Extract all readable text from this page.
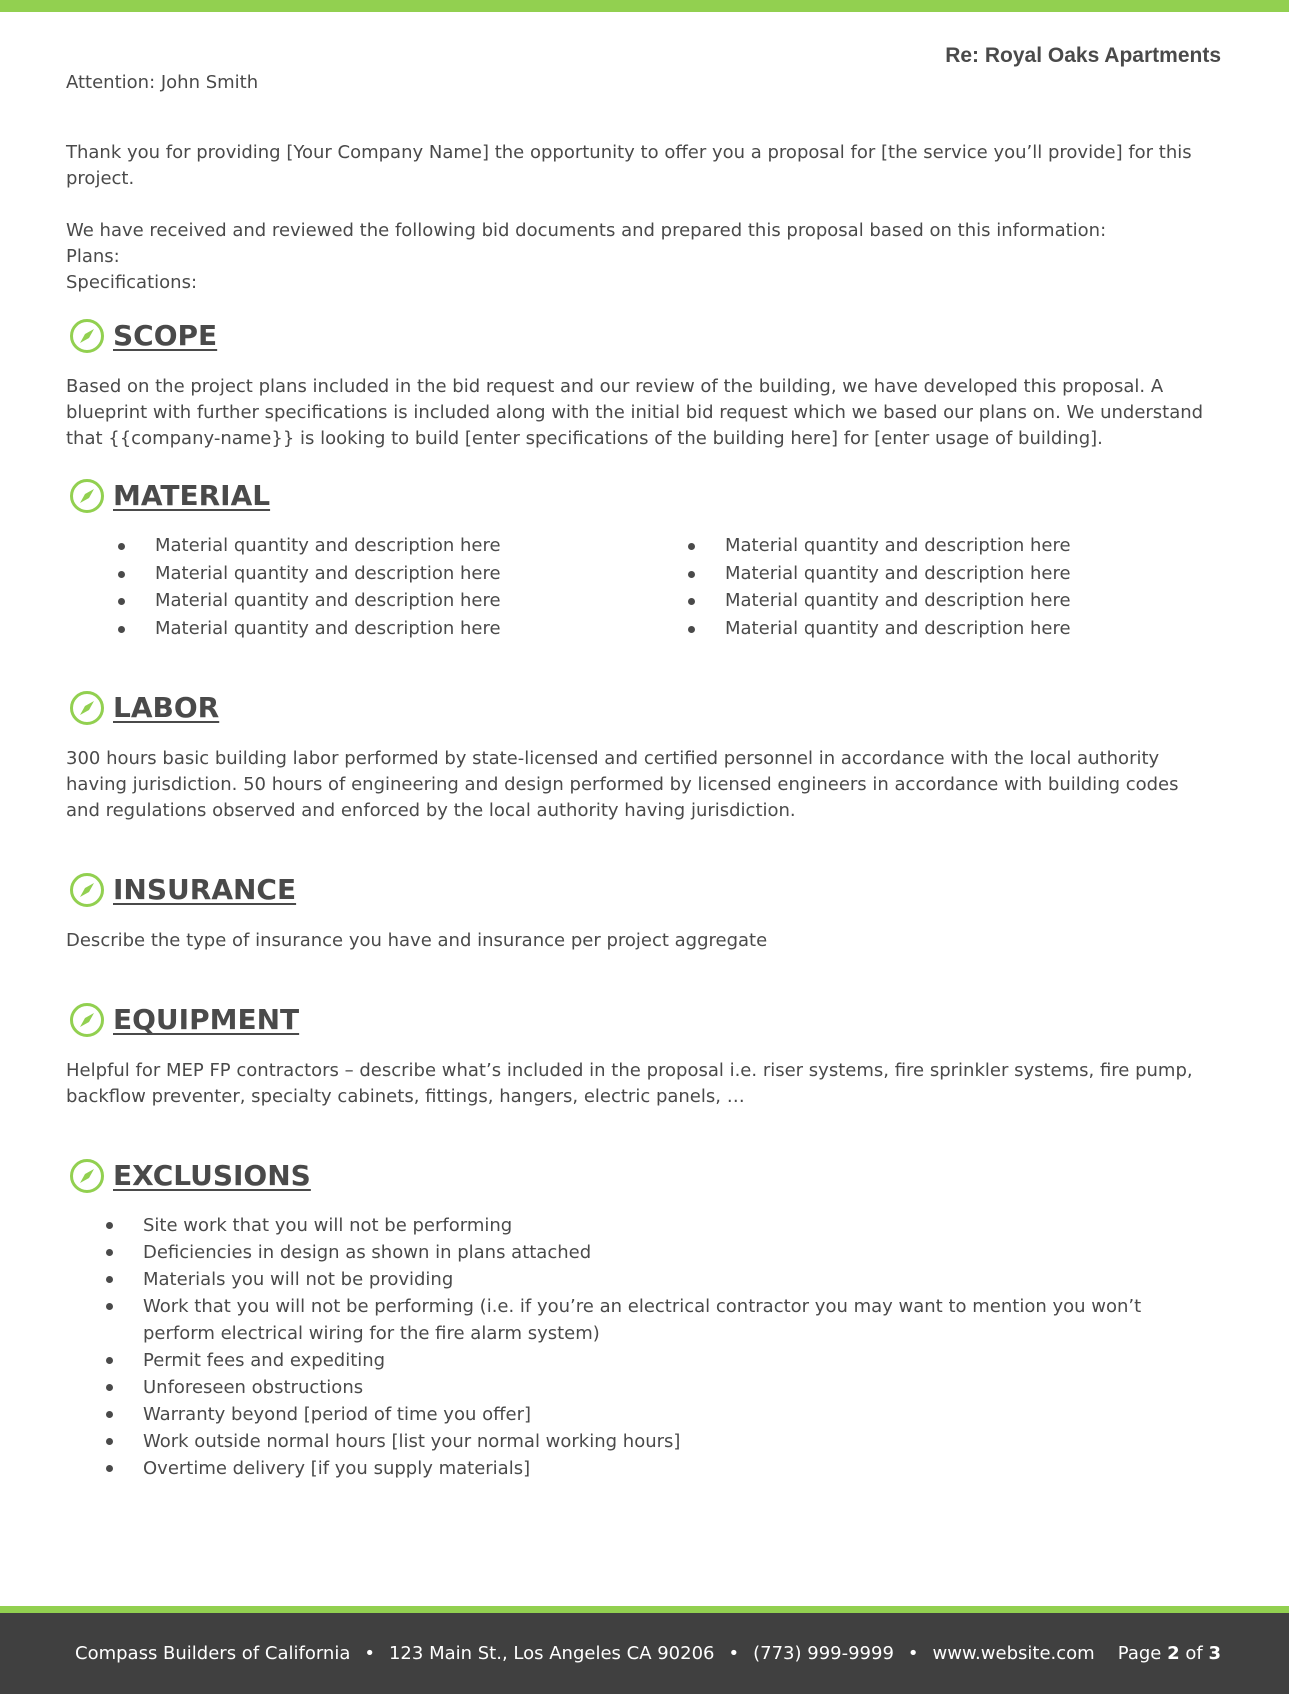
Re: Royal Oaks Apartments

Attention: John Smith

Thank you for providing [Your Company Name] the opportunity to offer you a proposal for [the service you’ll provide] for this project.

We have received and reviewed the following bid documents and prepared this proposal based on this information:

Plans:

Specifications:

SCOPE

Based on the project plans included in the bid request and our review of the building, we have developed this proposal. A blueprint with further specifications is included along with the initial bid request which we based our plans on. We understand that {{company-name}} is looking to build [enter specifications of the building here] for [enter usage of building].

MATERIAL
Material quantity and description here
Material quantity and description here
Material quantity and description here
Material quantity and description here
Material quantity and description here
Material quantity and description here
Material quantity and description here
Material quantity and description here
LABOR

300 hours basic building labor performed by state-licensed and certified personnel in accordance with the local authority having jurisdiction. 50 hours of engineering and design performed by licensed engineers in accordance with building codes and regulations observed and enforced by the local authority having jurisdiction.

INSURANCE

Describe the type of insurance you have and insurance per project aggregate

EQUIPMENT

Helpful for MEP FP contractors – describe what’s included in the proposal i.e. riser systems, fire sprinkler systems, fire pump, backflow preventer, specialty cabinets, fittings, hangers, electric panels, …

EXCLUSIONS
Site work that you will not be performing
Deficiencies in design as shown in plans attached
Materials you will not be providing
Work that you will not be performing (i.e. if you’re an electrical contractor you may want to mention you won’t perform electrical wiring for the fire alarm system)
Permit fees and expediting
Unforeseen obstructions
Warranty beyond [period of time you offer]
Work outside normal hours [list your normal working hours]
Overtime delivery [if you supply materials]
Compass Builders of California • 123 Main St., Los Angeles CA 90206 • (773) 999-9999 • www.website.com Page 2 of 3
